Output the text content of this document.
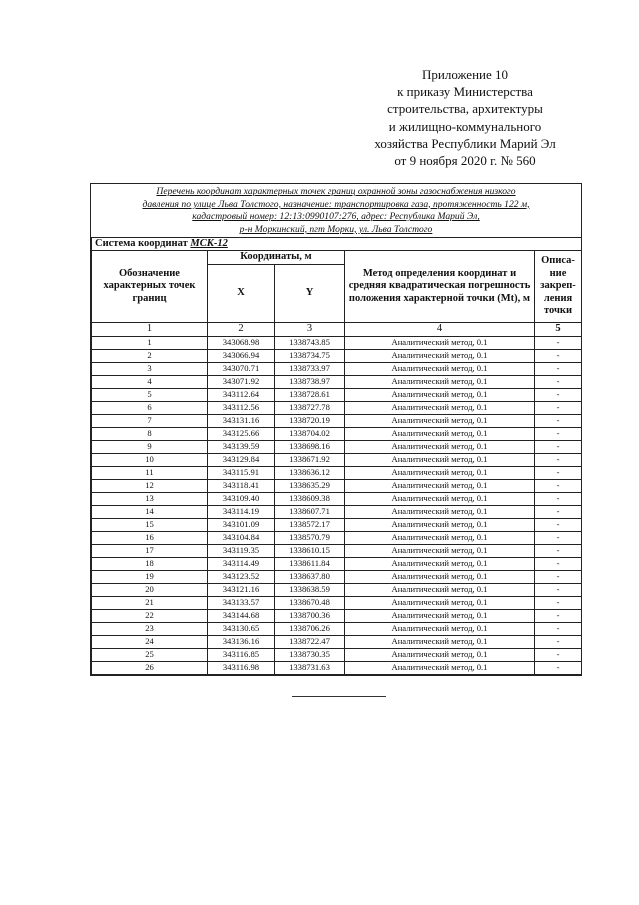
Приложение 10
к приказу Министерства
строительства, архитектуры
и жилищно-коммунального
хозяйства Республики Марий Эл
от 9 ноября 2020 г. № 560
Перечень координат характерных точек границ охранной зоны газоснабжения низкого
давления по улице Льва Толстого, назначение: транспортировка газа, протяженность 122 м,
кадастровый номер: 12:13:0990107:276, адрес: Республика Марий Эл,
р-н Моркинский, пгт Морки, ул. Льва Толстого
Система координат МСК-12				
Обозначение характерных точек границ	Координаты, м		Метод определения координат и средняя квадратическая погрешность положения характерной точки (Mt), м	Описа-
ние
закреп-
ления
точки

	X	Y		
1	2	3	4	5
1	343068.98	1338743.85	Аналитический метод, 0.1	-
2	343066.94	1338734.75	Аналитический метод, 0.1	-
3	343070.71	1338733.97	Аналитический метод, 0.1	-
4	343071.92	1338738.97	Аналитический метод, 0.1	-
5	343112.64	1338728.61	Аналитический метод, 0.1	-
6	343112.56	1338727.78	Аналитический метод, 0.1	-
7	343131.16	1338720.19	Аналитический метод, 0.1	-
8	343125.66	1338704.02	Аналитический метод, 0.1	-
9	343139.59	1338698.16	Аналитический метод, 0.1	-
10	343129.84	1338671.92	Аналитический метод, 0.1	-
11	343115.91	1338636.12	Аналитический метод, 0.1	-
12	343118.41	1338635.29	Аналитический метод, 0.1	-
13	343109.40	1338609.38	Аналитический метод, 0.1	-
14	343114.19	1338607.71	Аналитический метод, 0.1	-
15	343101.09	1338572.17	Аналитический метод, 0.1	-
16	343104.84	1338570.79	Аналитический метод, 0.1	-
17	343119.35	1338610.15	Аналитический метод, 0.1	-
18	343114.49	1338611.84	Аналитический метод, 0.1	-
19	343123.52	1338637.80	Аналитический метод, 0.1	-
20	343121.16	1338638.59	Аналитический метод, 0.1	-
21	343133.57	1338670.48	Аналитический метод, 0.1	-
22	343144.68	1338700.36	Аналитический метод, 0.1	-
23	343130.65	1338706.26	Аналитический метод, 0.1	-
24	343136.16	1338722.47	Аналитический метод, 0.1	-
25	343116.85	1338730.35	Аналитический метод, 0.1	-
26	343116.98	1338731.63	Аналитический метод, 0.1	-
